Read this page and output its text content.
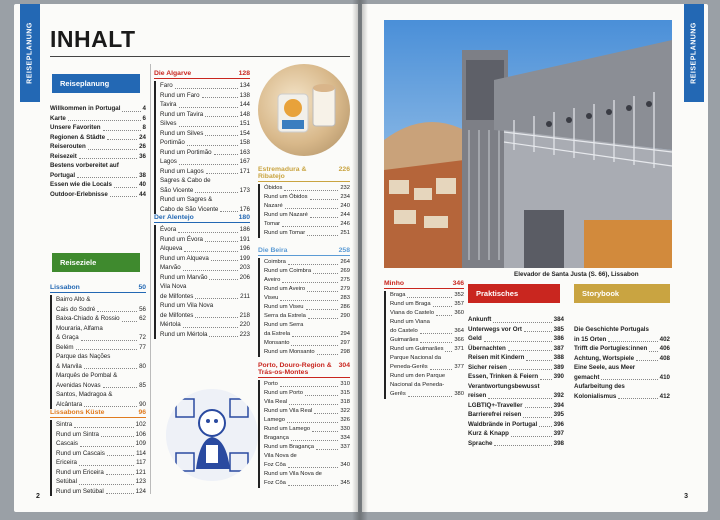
REISEPLANUNG INHALT
Reiseplanung
Willkommen in Portugal	4
Karte	6
Unsere Favoriten	8
Regionen & Städte	24
Reiserouten	26
Reisezeit	36
Bestens vorbereitet auf
Portugal	38
Essen wie die Locals	40
Outdoor-Erlebnisse	44
Reiseziele
Lissabon	50
Bairro Alto &
Cais do Sodré	56
Baixa-Chiado & Rossio	62
Mouraria, Alfama
& Graça	72
Belém	77
Parque das Nações
& Marvila	80
Marquês de Pombal &
Avenidas Novas	85
Santos, Madragoa &
Alcântara	90
Lissabons Küste	96
Sintra	102
Rund um Sintra	106
Cascais	109
Rund um Cascais	114
Ericeira	117
Rund um Ericeira	121
Setúbal	123
Rund um Setúbal	124
Die Algarve	128
Faro	134
Rund um Faro	138
Tavira	144
Rund um Tavira	148
Silves	151
Rund um Silves	154
Portimão	158
Rund um Portimão	163
Lagos	167
Rund um Lagos	171
Sagres & Cabo de
São Vicente	173
Rund um Sagres &
Cabo de São Vicente	176
Der Alentejo	180
Évora	186
Rund um Évora	191
Alqueva	196
Rund um Alqueva	199
Marvão	203
Rund um Marvão	206
Vila Nova
de Milfontes	211
Rund um Vila Nova
de Milfontes	218
Mértola	220
Rund um Mértola	223
Estremadura &
Ribatejo
226
Óbidos	232
Rund um Óbidos	234
Nazaré	240
Rund um Nazaré	244
Tomar	246
Rund um Tomar	251
Die Beira	258
Coimbra	264
Rund um Coimbra	269
Aveiro	275
Rund um Aveiro	279
Viseu	283
Rund um Viseu	286
Serra da Estrela	290
Rund um Serra
da Estrela	294
Monsanto	297
Rund um Monsanto	298
Porto, Douro-Region &
Trás-os-Montes
304
Porto	310
Rund um Porto	315
Vila Real	318
Rund um Vila Real	322
Lamego	326
Rund um Lamego	330
Bragança	334
Rund um Bragança	337
Vila Nova de
Foz Côa	340
Rund um Vila Nova de
Foz Côa	345
2
REISEPLANUNG
Elevador de Santa Justa (S. 66), Lissabon
Minho	346
Braga	352
Rund um Braga	357
Viana do Castelo	360
Rund um Viana
do Castelo	364
Guimarães	366
Rund um Guimarães 371
Parque Nacional da
Peneda-Gerês	377
Rund um den Parque
Nacional da Peneda-
Gerês	380
Praktisches
Ankunft	384
Unterwegs vor Ort	385
Geld	386
Übernachten	387
Reisen mit Kindern	388
Sicher reisen	389
Essen, Trinken & Feiern	390
Verantwortungsbewusst
reisen	392
LGBTIQ+-Traveller	394
Barrierefrei reisen	395
Waldbrände in Portugal	396
Kurz & Knapp	397
Sprache	398
Storybook
Die Geschichte Portugals
in 15 Orten	402
Trifft die Portugies:innen 406
Achtung, Wortspiele	408
Eine Seele, aus Meer
gemacht	410
Aufarbeitung des
Kolonialismus	412
3
